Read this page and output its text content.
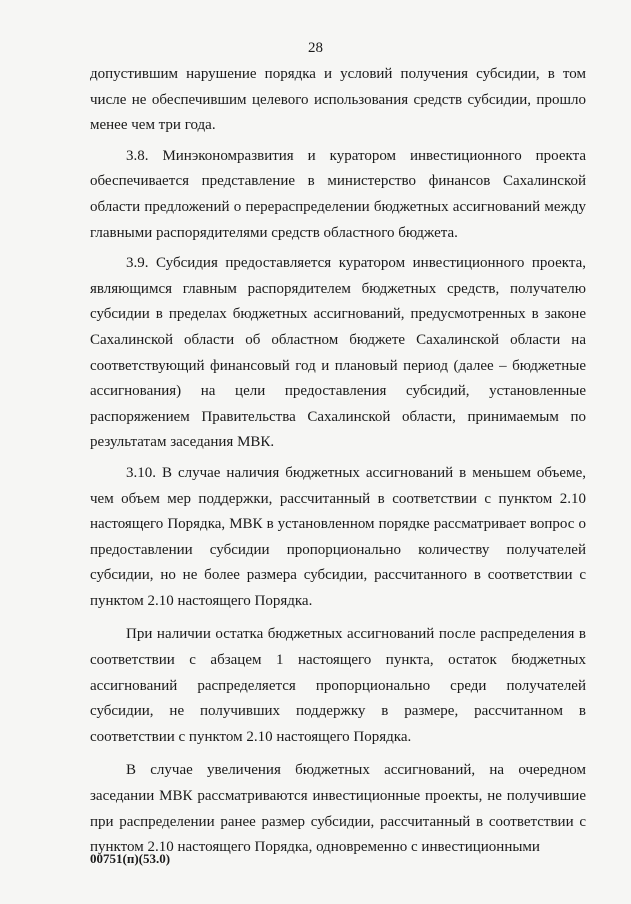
28

допустившим нарушение порядка и условий получения субсидии, в том числе не обеспечившим целевого использования средств субсидии, прошло менее чем три года.

3.8. Минэкономразвития и куратором инвестиционного проекта обеспечивается представление в министерство финансов Сахалинской области предложений о перераспределении бюджетных ассигнований между главными распорядителями средств областного бюджета.

3.9. Субсидия предоставляется куратором инвестиционного проекта, являющимся главным распорядителем бюджетных средств, получателю субсидии в пределах бюджетных ассигнований, предусмотренных в законе Сахалинской области об областном бюджете Сахалинской области на соответствующий финансовый год и плановый период (далее – бюджетные ассигнования) на цели предоставления субсидий, установленные распоряжением Правительства Сахалинской области, принимаемым по результатам заседания МВК.

3.10. В случае наличия бюджетных ассигнований в меньшем объеме, чем объем мер поддержки, рассчитанный в соответствии с пунктом 2.10 настоящего Порядка, МВК в установленном порядке рассматривает вопрос о предоставлении субсидии пропорционально количеству получателей субсидии, но не более размера субсидии, рассчитанного в соответствии с пунктом 2.10 настоящего Порядка.

При наличии остатка бюджетных ассигнований после распределения в соответствии с абзацем 1 настоящего пункта, остаток бюджетных ассигнований распределяется пропорционально среди получателей субсидии, не получивших поддержку в размере, рассчитанном в соответствии с пунктом 2.10 настоящего Порядка.

В случае увеличения бюджетных ассигнований, на очередном заседании МВК рассматриваются инвестиционные проекты, не получившие при распределении ранее размер субсидии, рассчитанный в соответствии с пунктом 2.10 настоящего Порядка, одновременно с инвестиционными

00751(п)(53.0)
